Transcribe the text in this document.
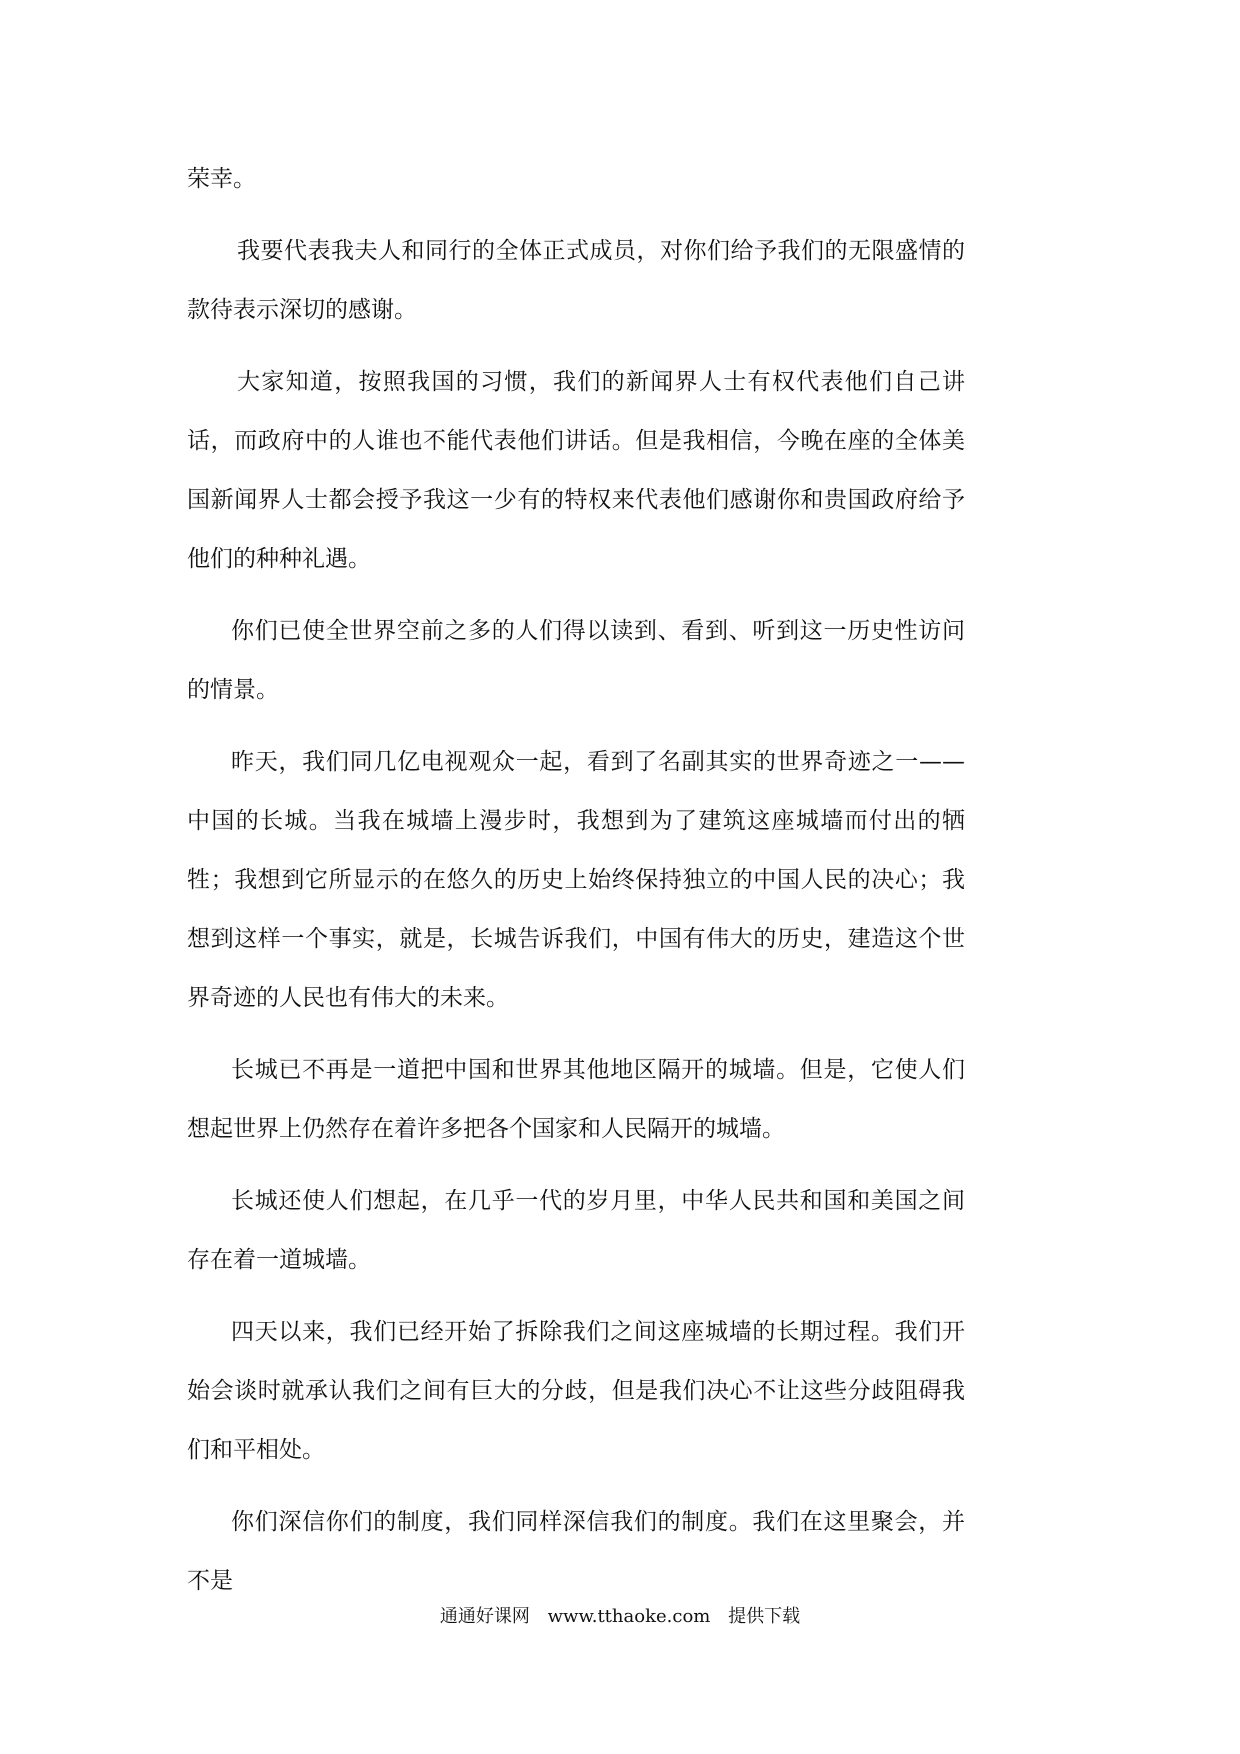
荣幸。

我要代表我夫人和同行的全体正式成员，对你们给予我们的无限盛情的款待表示深切的感谢。

大家知道，按照我国的习惯，我们的新闻界人士有权代表他们自己讲话，而政府中的人谁也不能代表他们讲话。但是我相信，今晚在座的全体美国新闻界人士都会授予我这一少有的特权来代表他们感谢你和贵国政府给予他们的种种礼遇。

你们已使全世界空前之多的人们得以读到、看到、听到这一历史性访问的情景。

昨天，我们同几亿电视观众一起，看到了名副其实的世界奇迹之一——中国的长城。当我在城墙上漫步时，我想到为了建筑这座城墙而付出的牺牲；我想到它所显示的在悠久的历史上始终保持独立的中国人民的决心；我想到这样一个事实，就是，长城告诉我们，中国有伟大的历史，建造这个世界奇迹的人民也有伟大的未来。

长城已不再是一道把中国和世界其他地区隔开的城墙。但是，它使人们想起世界上仍然存在着许多把各个国家和人民隔开的城墙。

长城还使人们想起，在几乎一代的岁月里，中华人民共和国和美国之间存在着一道城墙。

四天以来，我们已经开始了拆除我们之间这座城墙的长期过程。我们开始会谈时就承认我们之间有巨大的分歧，但是我们决心不让这些分歧阻碍我们和平相处。

你们深信你们的制度，我们同样深信我们的制度。我们在这里聚会，并不是

通通好课网 www.tthaoke.com 提供下载
